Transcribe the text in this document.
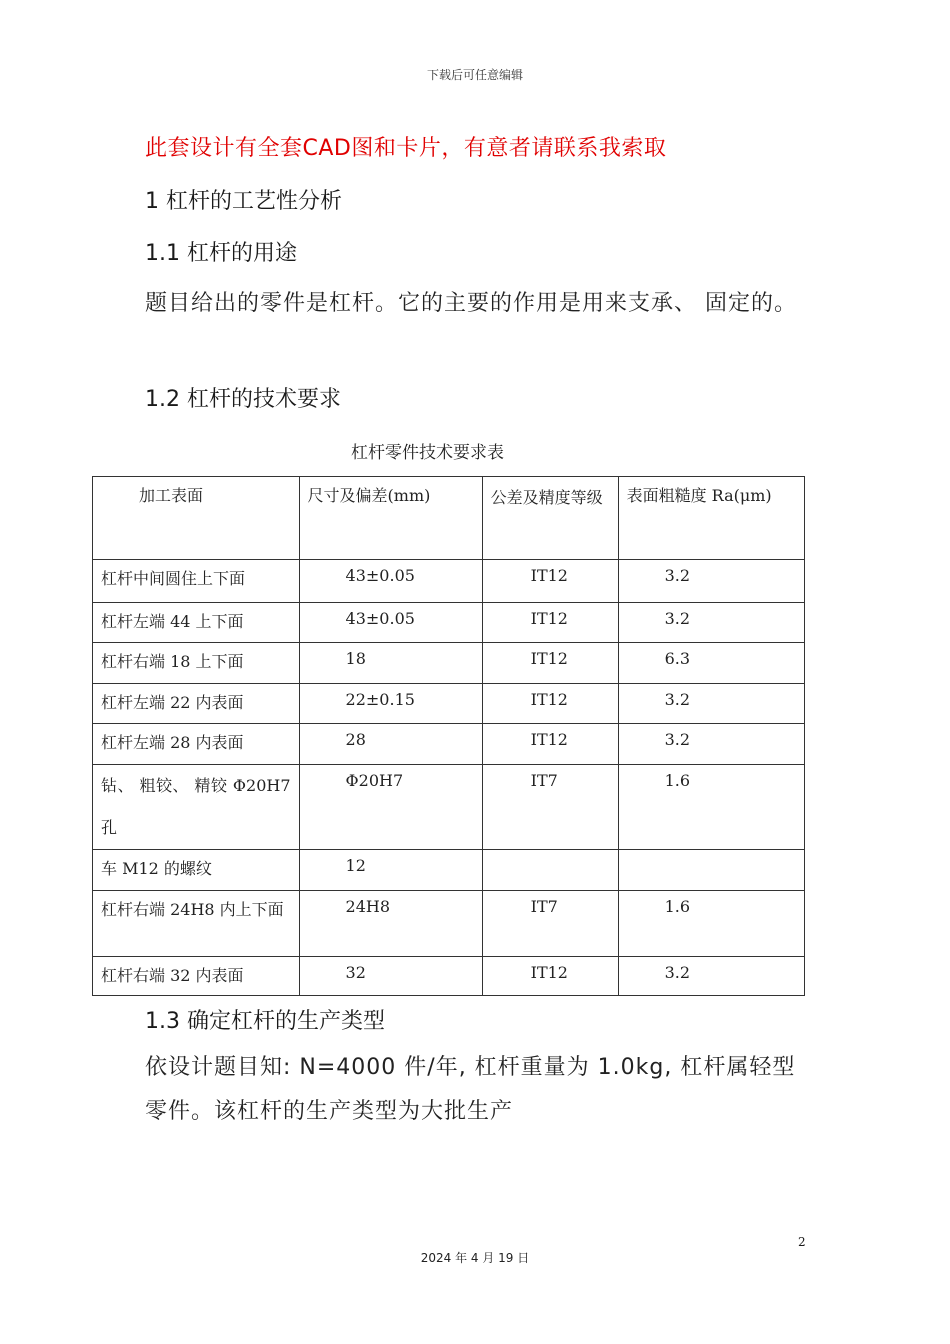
下载后可任意编辑
此套设计有全套CAD图和卡片，有意者请联系我索取
1 杠杆的工艺性分析
1.1 杠杆的用途
题目给出的零件是杠杆。它的主要的作用是用来支承、 固定的。
1.2 杠杆的技术要求
杠杆零件技术要求表
加工表面	尺寸及偏差(mm)	公差及精度等级	表面粗糙度 Ra(μm)
杠杆中间圆住上下面	43±0.05	IT12	3.2
杠杆左端 44 上下面	43±0.05	IT12	3.2
杠杆右端 18 上下面	18	IT12	6.3
杠杆左端 22 内表面	22±0.15	IT12	3.2
杠杆左端 28 内表面	28	IT12	3.2
钻、 粗铰、 精铰 Φ20H7 孔	Φ20H7	IT7	1.6
车 M12 的螺纹	12		
杠杆右端 24H8 内上下面	24H8	IT7	1.6
杠杆右端 32 内表面	32	IT12	3.2
1.3 确定杠杆的生产类型
依设计题目知: N=4000 件/年, 杠杆重量为 1.0kg, 杠杆属轻型零件。该杠杆的生产类型为大批生产
2
2024 年 4 月 19 日
